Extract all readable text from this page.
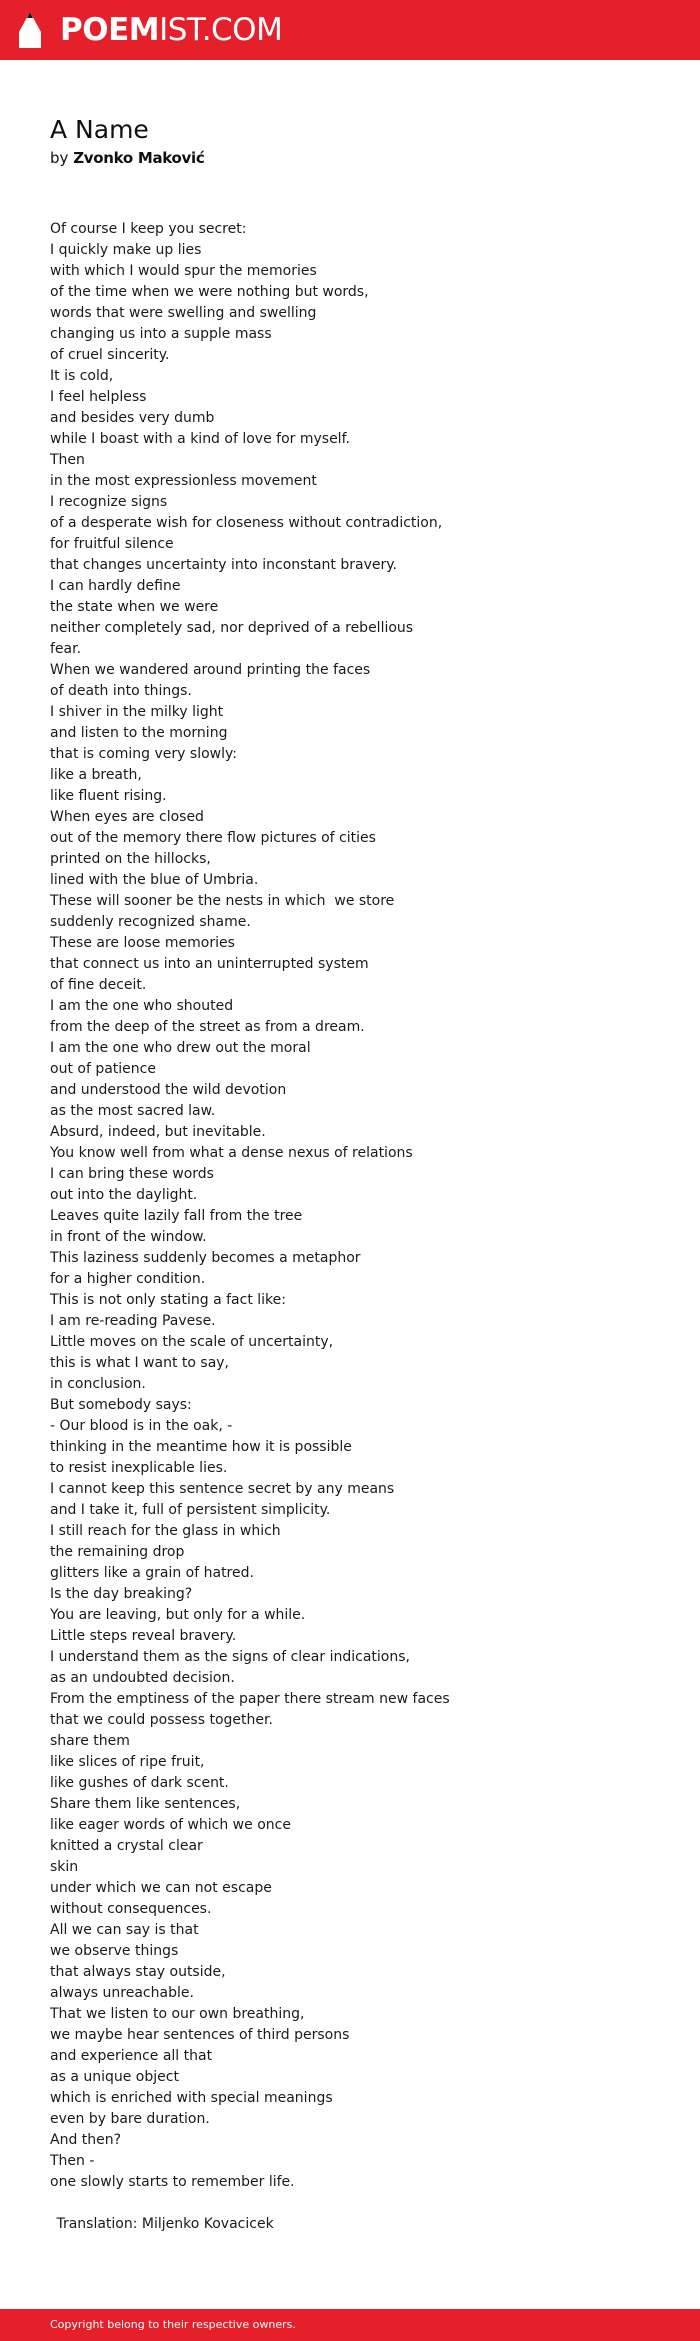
POEMIST.COM
A Name
by Zvonko Maković
Of course I keep you secret:
I quickly make up lies
with which I would spur the memories
of the time when we were nothing but words,
words that were swelling and swelling
changing us into a supple mass
of cruel sincerity.
It is cold,
I feel helpless
and besides very dumb
while I boast with a kind of love for myself.
Then
in the most expressionless movement
I recognize signs
of a desperate wish for closeness without contradiction,
for fruitful silence
that changes uncertainty into inconstant bravery.
I can hardly define
the state when we were
neither completely sad, nor deprived of a rebellious
fear.
When we wandered around printing the faces
of death into things.
I shiver in the milky light
and listen to the morning
that is coming very slowly:
like a breath,
like fluent rising.
When eyes are closed
out of the memory there flow pictures of cities
printed on the hillocks,
lined with the blue of Umbria.
These will sooner be the nests in which  we store
suddenly recognized shame.
These are loose memories
that connect us into an uninterrupted system
of fine deceit.
I am the one who shouted
from the deep of the street as from a dream.
I am the one who drew out the moral
out of patience
and understood the wild devotion
as the most sacred law.
Absurd, indeed, but inevitable.
You know well from what a dense nexus of relations
I can bring these words
out into the daylight.
Leaves quite lazily fall from the tree
in front of the window.
This laziness suddenly becomes a metaphor
for a higher condition.
This is not only stating a fact like:
I am re-reading Pavese.
Little moves on the scale of uncertainty,
this is what I want to say,
in conclusion.
But somebody says:
- Our blood is in the oak, -
thinking in the meantime how it is possible
to resist inexplicable lies.
I cannot keep this sentence secret by any means
and I take it, full of persistent simplicity.
I still reach for the glass in which
the remaining drop
glitters like a grain of hatred.
Is the day breaking?
You are leaving, but only for a while.
Little steps reveal bravery.
I understand them as the signs of clear indications,
as an undoubted decision.
From the emptiness of the paper there stream new faces
that we could possess together.
share them
like slices of ripe fruit,
like gushes of dark scent.
Share them like sentences,
like eager words of which we once
knitted a crystal clear
skin
under which we can not escape
without consequences.
All we can say is that
we observe things
that always stay outside,
always unreachable.
That we listen to our own breathing,
we maybe hear sentences of third persons
and experience all that
as a unique object
which is enriched with special meanings
even by bare duration.
And then?
Then -
one slowly starts to remember life.
Translation: Miljenko Kovacicek
Copyright belong to their respective owners.
